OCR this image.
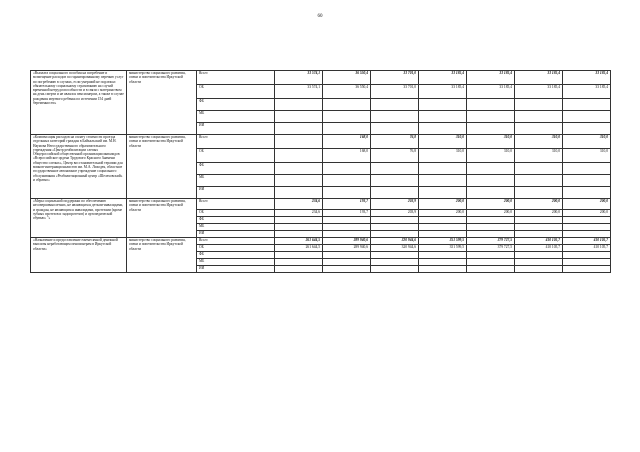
60
«Выплата социального пособия на погребение и возмещение расходов по гарантированному перечню услуг по погребению в случаях, если умерший не подлежал обязательному социальному страхованию на случай временной нетрудоспособности и в связи с материнством на день смерти и не являлся пенсионером, а также в случае рождения мертвого ребенка по истечении 154 дней беременности»	министерство социального развития, опеки и попечительства Иркутской области	Всего	33 574,1	36 550,4	33 701,0	33 185,4	33 185,4	33 185,4	33 185,4
		ОБ	33 574,1	36 550,4	33 701,0	33 185,4	33 185,4	33 185,4	33 185,4
		ФБ							
		МБ							
		ИИ							
«Компенсация расходов на оплату стоимости проезда отдельных категорий граждан в Байкальский им. М.Н. Наумова Негосударственного образовательного учреждения «Центр реабилитации слепых Общероссийской общественной организации инвалидов «Всероссийское ордена Трудового Красного Знамени общество слепых», Центр восстановительной терапии для воинов-интернационалистов им. М.А. Лиходея, областное государственное автономное учреждение социального обслуживания «Реабилитационный центр «Шелеховский» и обратно»	министерство социального развития, опеки и попечительства Иркутской области	Всего		168,0	76,8	310,0	310,0	310,0	310,0
		ОБ		168,0	76,8	310,0	310,0	310,0	310,0
		ФБ							
		МБ							
		ИИ							
«Меры социальной поддержки по обеспечению несовершеннолетних, не являющихся детьми-инвалидами, и граждан, не являющихся инвалидами, протезами (кроме зубных протезов и эндопротезов) и ортопедической обувью» "»	министерство социального развития, опеки и попечительства Иркутской области	Всего	234,6	193,7	203,9	200,0	200,0	200,0	200,0
		ОБ	234,6	193,7	203,9	200,0	200,0	200,0	200,0
		ФБ							
		МБ							
		ИИ							
«Назначение и предоставление ежемесячной денежной выплаты неработающим пенсионерам в Иркутской области»	министерство социального развития, опеки и попечительства Иркутской области	Всего	261 644,5	289 940,6	320 944,6	351 599,5	379 727,5	410 105,7	410 105,7
		ОБ	261 644,5	289 940,6	320 944,6	351 599,5	379 727,5	410 105,7	410 105,7
		ФБ							
		МБ							
		ИИ							
